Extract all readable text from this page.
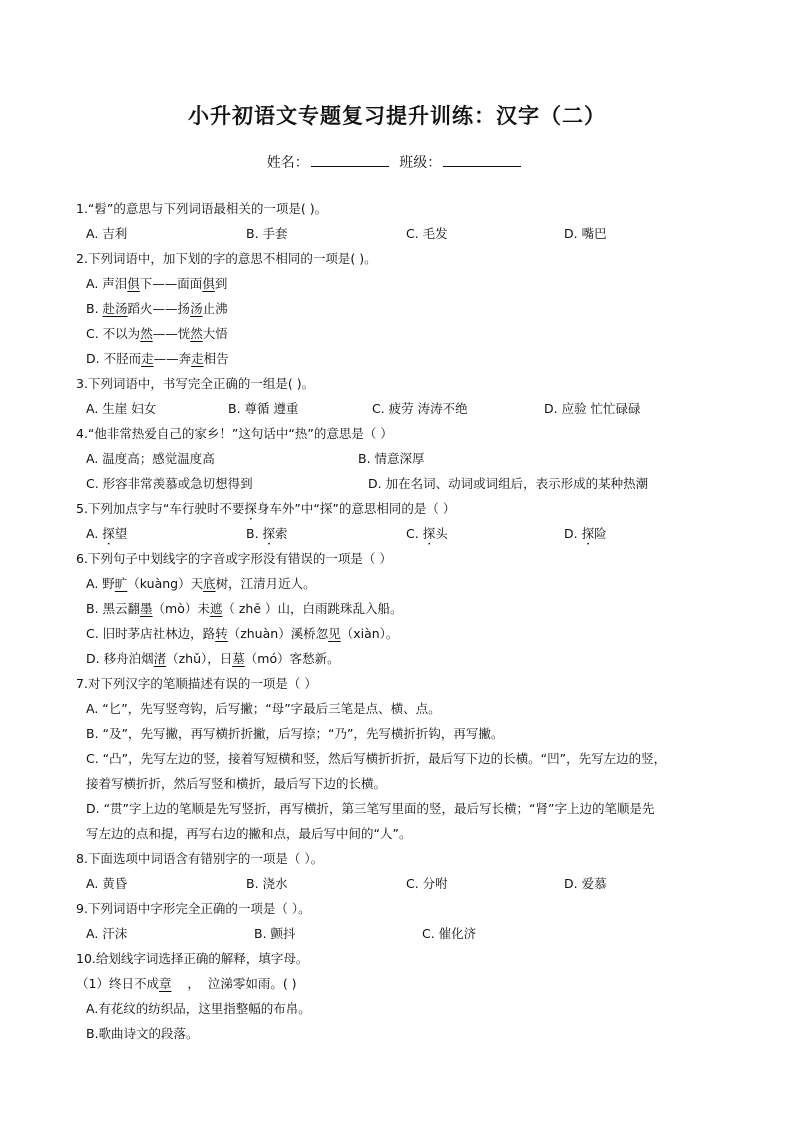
小升初语文专题复习提升训练：汉字（二）
姓名：	班级：
1.“髫”的意思与下列词语最相关的一项是( )。
A. 吉利	B. 手套	C. 毛发	D. 嘴巴
2.下列词语中，加下划的字的意思不相同的一项是( )。
A. 声泪俱下——面面俱到
B. 赴汤蹈火——扬汤止沸
C. 不以为然——恍然大悟
D. 不胫而走——奔走相告
3.下列词语中，书写完全正确的一组是( )。
A. 生崖 妇女	B. 尊循 遵重	C. 疲劳 涛涛不绝	D. 应验 忙忙碌碌
4.“他非常热爱自己的家乡！”这句话中“热”的意思是（ ）
A. 温度高；感觉温度高	B. 情意深厚
C. 形容非常羡慕或急切想得到	D. 加在名词、动词或词组后，表示形成的某种热潮
5.下列加点字与“车行驶时不要探身车外”中“探”的意思相同的是（ ）
A. 探望	B. 探索	C. 探头	D. 探险
6.下列句子中划线字的字音或字形没有错误的一项是（ ）
A. 野旷（kuàng）天底树，江清月近人。
B. 黑云翻墨（mò）未遮（ zhē ）山，白雨跳珠乱入船。
C. 旧时茅店社林边，路转（zhuàn）溪桥忽见（xiàn）。
D. 移舟泊烟渚（zhǔ），日墓（mó）客愁新。
7.对下列汉字的笔顺描述有误的一项是（ ）
A. “匕”，先写竖弯钩，后写撇；“母”字最后三笔是点、横、点。
B. “及”，先写撇，再写横折折撇，后写捺；“乃”，先写横折折钩，再写撇。
C. “凸”，先写左边的竖，接着写短横和竖，然后写横折折折，最后写下边的长横。“凹”，先写左边的竖，
接着写横折折，然后写竖和横折，最后写下边的长横。
D. “贯”字上边的笔顺是先写竖折，再写横折，第三笔写里面的竖，最后写长横；“肾”字上边的笔顺是先
写左边的点和提，再写右边的撇和点，最后写中间的“人”。
8.下面选项中词语含有错别字的一项是（ ）。
A. 黄昏	B. 浇水	C. 分咐	D. 爱慕
9.下列词语中字形完全正确的一项是（ ）。
A. 汗沫	B. 颤抖	C. 催化济
10.给划线字词选择正确的解释，填字母。
（1）终日不成章    ，  泣涕零如雨。( )
A.有花纹的纺织品，这里指整幅的布帛。
B.歌曲诗文的段落。
